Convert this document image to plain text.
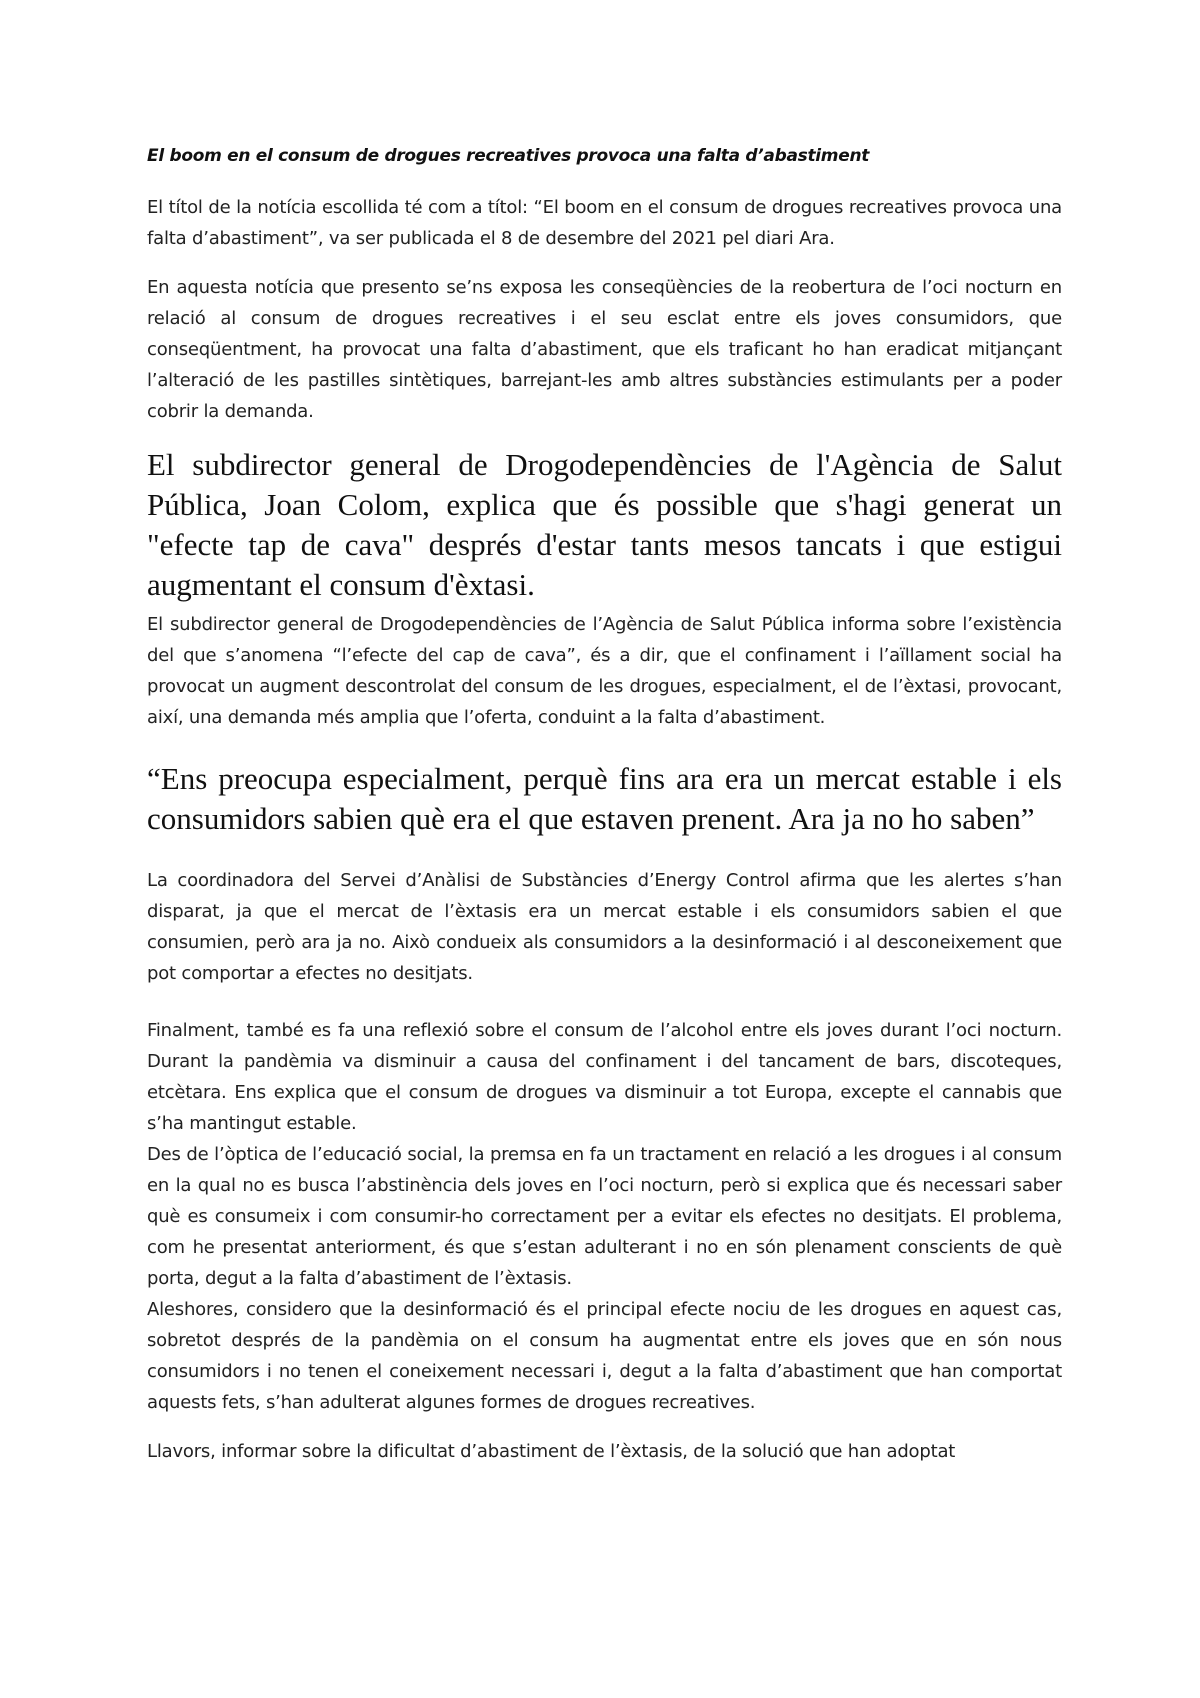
El boom en el consum de drogues recreatives provoca una falta d’abastiment

El títol de la notícia escollida té com a títol: “El boom en el consum de drogues recreatives provoca una falta d’abastiment”, va ser publicada el 8 de desembre del 2021 pel diari Ara.

En aquesta notícia que presento se’ns exposa les conseqüències de la reobertura de l’oci nocturn en relació al consum de drogues recreatives i el seu esclat entre els joves consumidors, que conseqüentment, ha provocat una falta d’abastiment, que els traficant ho han eradicat mitjançant l’alteració de les pastilles sintètiques, barrejant-les amb altres substàncies estimulants per a poder cobrir la demanda.

El subdirector general de Drogodependències de l'Agència de Salut Pública, Joan Colom, explica que és possible que s'hagi generat un "efecte tap de cava" després d'estar tants mesos tancats i que estigui augmentant el consum d'èxtasi.

El subdirector general de Drogodependències de l’Agència de Salut Pública informa sobre l’existència del que s’anomena “l’efecte del cap de cava”, és a dir, que el confinament i l’aïllament social ha provocat un augment descontrolat del consum de les drogues, especialment, el de l’èxtasi, provocant, així, una demanda més amplia que l’oferta, conduint a la falta d’abastiment.

“Ens preocupa especialment, perquè fins ara era un mercat estable i els consumidors sabien què era el que estaven prenent. Ara ja no ho saben”

La coordinadora del Servei d’Anàlisi de Substàncies d’Energy Control afirma que les alertes s’han disparat, ja que el mercat de l’èxtasis era un mercat estable i els consumidors sabien el que consumien, però ara ja no. Això condueix als consumidors a la desinformació i al desconeixement que pot comportar a efectes no desitjats.

Finalment, també es fa una reflexió sobre el consum de l’alcohol entre els joves durant l’oci nocturn. Durant la pandèmia va disminuir a causa del confinament i del tancament de bars, discoteques, etcètara. Ens explica que el consum de drogues va disminuir a tot Europa, excepte el cannabis que s’ha mantingut estable.

Des de l’òptica de l’educació social, la premsa en fa un tractament en relació a les drogues i al consum en la qual no es busca l’abstinència dels joves en l’oci nocturn, però si explica que és necessari saber què es consumeix i com consumir-ho correctament per a evitar els efectes no desitjats. El problema, com he presentat anteriorment, és que s’estan adulterant i no en són plenament conscients de què porta, degut a la falta d’abastiment de l’èxtasis.

Aleshores, considero que la desinformació és el principal efecte nociu de les drogues en aquest cas, sobretot després de la pandèmia on el consum ha augmentat entre els joves que en són nous consumidors i no tenen el coneixement necessari i, degut a la falta d’abastiment que han comportat aquests fets, s’han adulterat algunes formes de drogues recreatives.

Llavors, informar sobre la dificultat d’abastiment de l’èxtasis, de la solució que han adoptat
